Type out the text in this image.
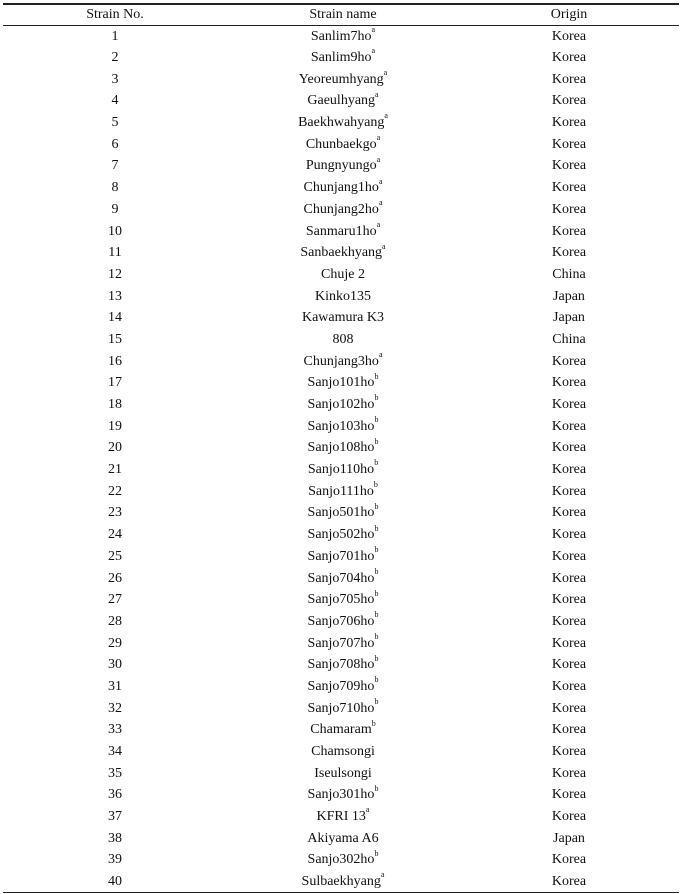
Strain No.	Strain name	Origin
1	$Sanlim7ho^a$	Korea
2	$Sanlim9ho^a$	Korea
3	Yeoreumhyang$^a$	Korea
4	Gaeulhyang$^a$	Korea
5	Baekhwahyang$^a$	Korea
6	Chunbaekgo$^a$	Korea
7	Pungnyungo$^a$	Korea
8	$Chunjang1ho^a$	Korea
9	$Chunjang2ho^a$	Korea
10	$Sanmaru1ho^a$	Korea
11	Sanbaekhyang$^a$	Korea
12	Chuje 2	China
13	Kinko135	Japan
14	Kawamura K3	Japan
15	808	China
16	$Chunjang3ho^a$	Korea
17	$Sanjo101ho^b$	Korea
18	$Sanjo102ho^b$	Korea
19	$Sanjo103ho^b$	Korea
20	$Sanjo108ho^b$	Korea
21	$Sanjo110ho^b$	Korea
22	$Sanjo111ho^b$	Korea
23	$Sanjo501ho^b$	Korea
24	$Sanjo502ho^b$	Korea
25	$Sanjo701ho^b$	Korea
26	$Sanjo704ho^b$	Korea
27	$Sanjo705ho^b$	Korea
28	$Sanjo706ho^b$	Korea
29	$Sanjo707ho^b$	Korea
30	$Sanjo708ho^b$	Korea
31	$Sanjo709ho^b$	Korea
32	$Sanjo710ho^b$	Korea
33	Chamaram$^b$	Korea
34	Chamsongi	Korea
35	Iseulsongi	Korea
36	$Sanjo301ho^b$	Korea
37	KFRI 13$^a$	Korea
38	Akiyama A6	Japan
39	$Sanjo302ho^b$	Korea
40	Sulbaekhyang$^a$	Korea
